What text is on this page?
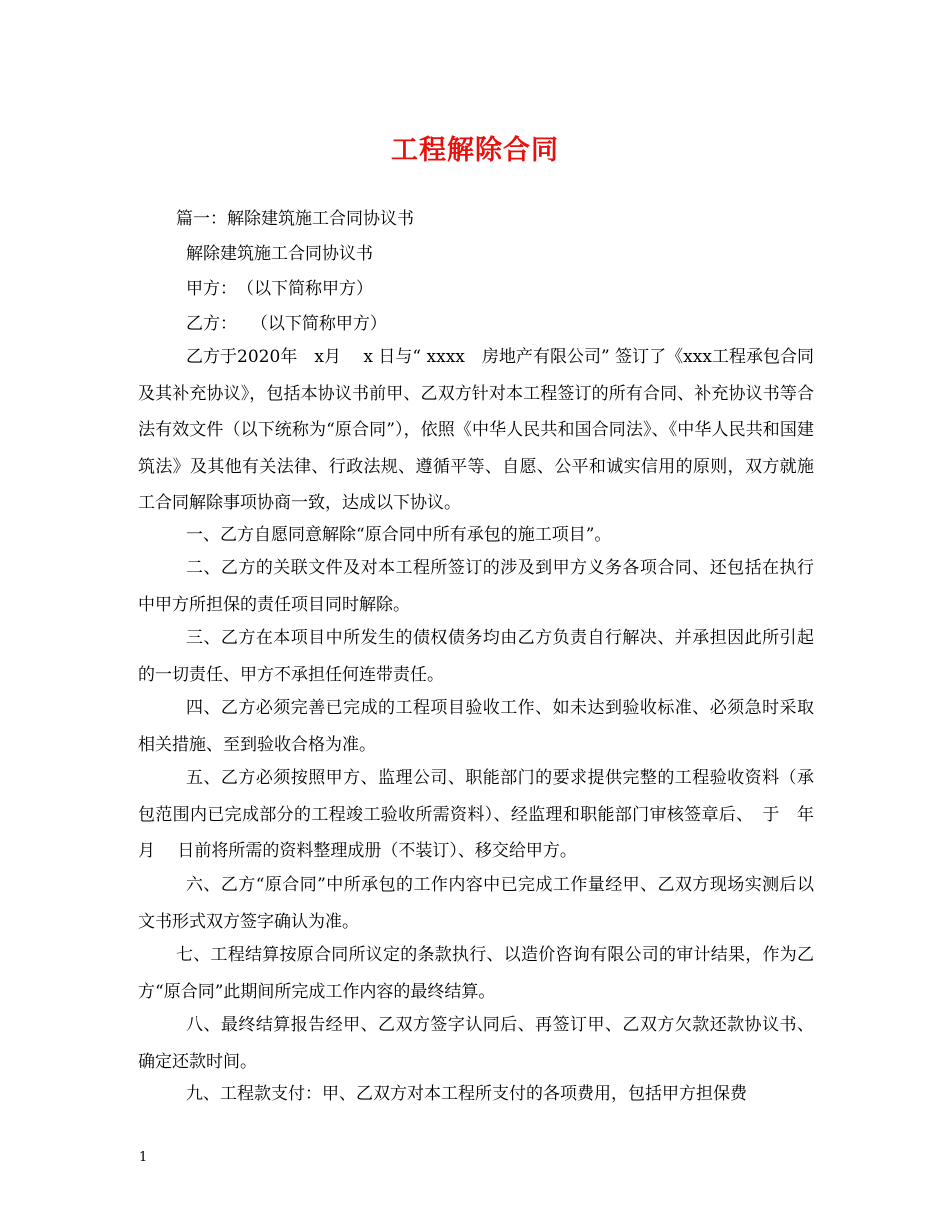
工程解除合同
篇一：解除建筑施工合同协议书
解除建筑施工合同协议书
甲方：　（以下简称甲方）
乙方：　 （以下简称甲方）
乙方于2020年　x月　 x 日与“ xxxx　房地产有限公司” 签订了《xxx工程承包合同及其补充协议》，包括本协议书前甲、乙双方针对本工程签订的所有合同、补充协议书等合法有效文件（以下统称为“原合同”），依照《中华人民共和国合同法》、《中华人民共和国建筑法》及其他有关法律、行政法规、遵循平等、自愿、公平和诚实信用的原则，双方就施工合同解除事项协商一致，达成以下协议。
一、乙方自愿同意解除“原合同中所有承包的施工项目”。
二、乙方的关联文件及对本工程所签订的涉及到甲方义务各项合同、还包括在执行中甲方所担保的责任项目同时解除。
三、乙方在本项目中所发生的债权债务均由乙方负责自行解决、并承担因此所引起的一切责任、甲方不承担任何连带责任。
四、乙方必须完善已完成的工程项目验收工作、如未达到验收标准、必须急时采取相关措施、至到验收合格为准。
五、乙方必须按照甲方、监理公司、职能部门的要求提供完整的工程验收资料（承包范围内已完成部分的工程竣工验收所需资料）、经监理和职能部门审核签章后、　于　年月　 日前将所需的资料整理成册（不装订）、移交给甲方。
六、乙方“原合同”中所承包的工作内容中已完成工作量经甲、乙双方现场实测后以文书形式双方签字确认为准。
七、工程结算按原合同所议定的条款执行、以造价咨询有限公司的审计结果，作为乙方“原合同”此期间所完成工作内容的最终结算。
八、最终结算报告经甲、乙双方签字认同后、再签订甲、乙双方欠款还款协议书、确定还款时间。
九、工程款支付：甲、乙双方对本工程所支付的各项费用，包括甲方担保费
1
